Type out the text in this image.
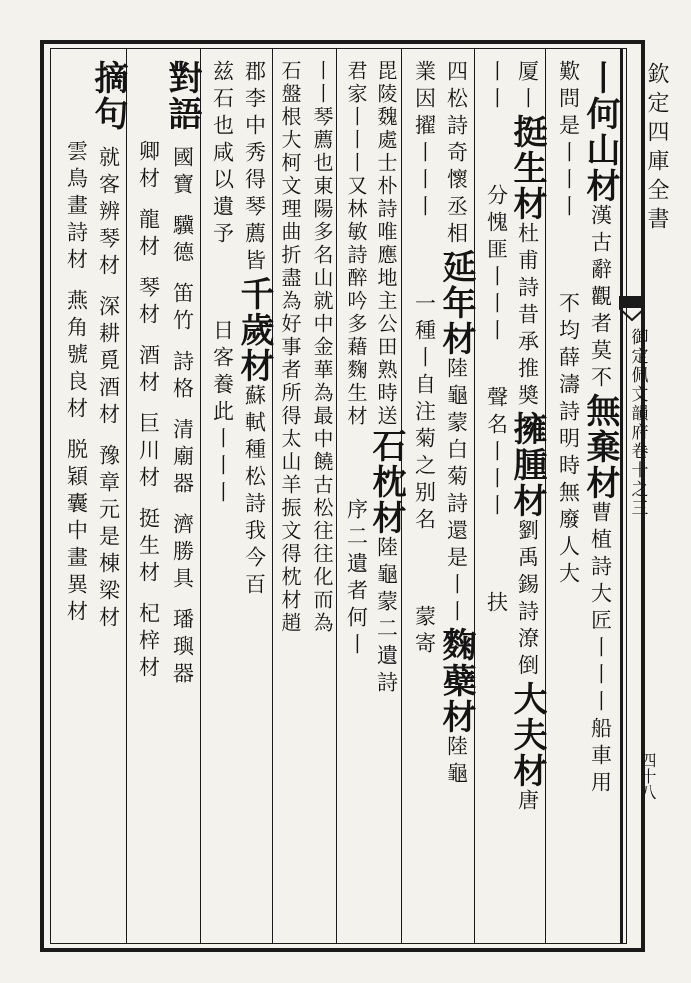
欽定四庫全書
御定佩文韻府卷十之三
四十八
丨
何山材
漢古辭觀者莫不
無棄材
曹植詩大匠丨丨丨船車用
歎問是丨丨丨
不均薛濤詩明時無廢人大
厦丨
挺生材
杜甫詩昔承推奬
擁腫材
劉禹錫詩潦倒
大夫材
唐
丨丨
分愧匪丨丨丨
聲名丨丨丨
扶
四松詩奇懷丞相
延年材
陸龜蒙白菊詩還是丨丨
麴蘗材
陸龜
業因擢丨丨丨
一種丨自注菊之别名
蒙寄
毘陵魏處士朴詩唯應地主公田熟時送
石枕材
陸龜蒙二遺詩
君家丨丨丨又林敏詩醉吟多藉麴生材
序二遺者何丨
丨丨琴薦也東陽多名山就中金華為最中饒古松往往化而為
石盤根大柯文理曲折盡為好事者所得太山羊振文得枕材趙
郡李中秀得琴薦皆
千歲材
蘇軾種松詩我今百
兹石也咸以遺予
日客養此丨丨丨
對語
國寶
驥德
笛竹
詩格
清廟器
濟勝具
璠璵器
卿材
龍材
琴材
酒材
巨川材
挺生材
杞梓材
摘句
就客辨琴材
深耕覓酒材
豫章元是棟梁材
雲鳥畫詩材
燕角號良材
脱穎囊中畫異材
